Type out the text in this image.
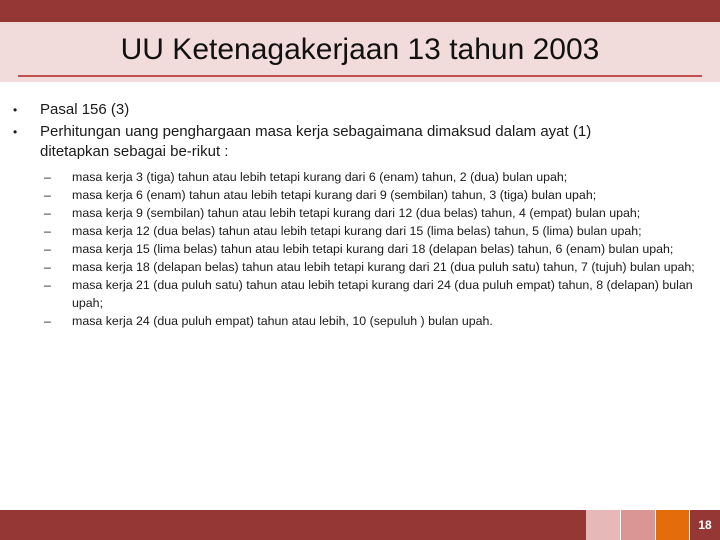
UU Ketenagakerjaan 13 tahun 2003
• Pasal 156 (3)
• Perhitungan uang penghargaan masa kerja sebagaimana dimaksud dalam ayat (1) ditetapkan sebagai be-rikut :
– masa kerja 3 (tiga) tahun atau lebih tetapi kurang dari 6 (enam) tahun, 2 (dua) bulan upah;
– masa kerja 6 (enam) tahun atau lebih tetapi kurang dari 9 (sembilan) tahun, 3 (tiga) bulan upah;
– masa kerja 9 (sembilan) tahun atau lebih tetapi kurang dari 12 (dua belas) tahun, 4 (empat) bulan upah;
– masa kerja 12 (dua belas) tahun atau lebih tetapi kurang dari 15 (lima belas) tahun, 5 (lima) bulan upah;
– masa kerja 15 (lima belas) tahun atau lebih tetapi kurang dari 18 (delapan belas) tahun, 6 (enam) bulan upah;
– masa kerja 18 (delapan belas) tahun atau lebih tetapi kurang dari 21 (dua puluh satu) tahun, 7 (tujuh) bulan upah;
– masa kerja 21 (dua puluh satu) tahun atau lebih tetapi kurang dari 24 (dua puluh empat) tahun, 8 (delapan) bulan upah;
– masa kerja 24 (dua puluh empat) tahun atau lebih, 10 (sepuluh ) bulan upah.
18
